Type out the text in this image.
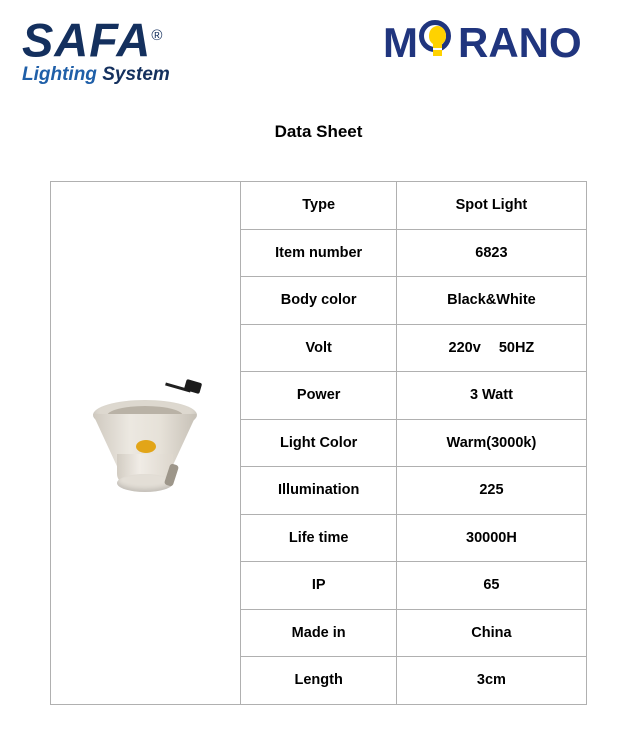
SAFA®
Lighting System
M RANO
Data Sheet
	Type	Spot Light
	Item number	6823
	Body color	Black&White
	Volt	220v 50HZ
	Power	3 Watt
	Light Color	Warm(3000k)
	Illumination	225
	Life time	30000H
	IP	65
	Made in	China
	Length	3cm
